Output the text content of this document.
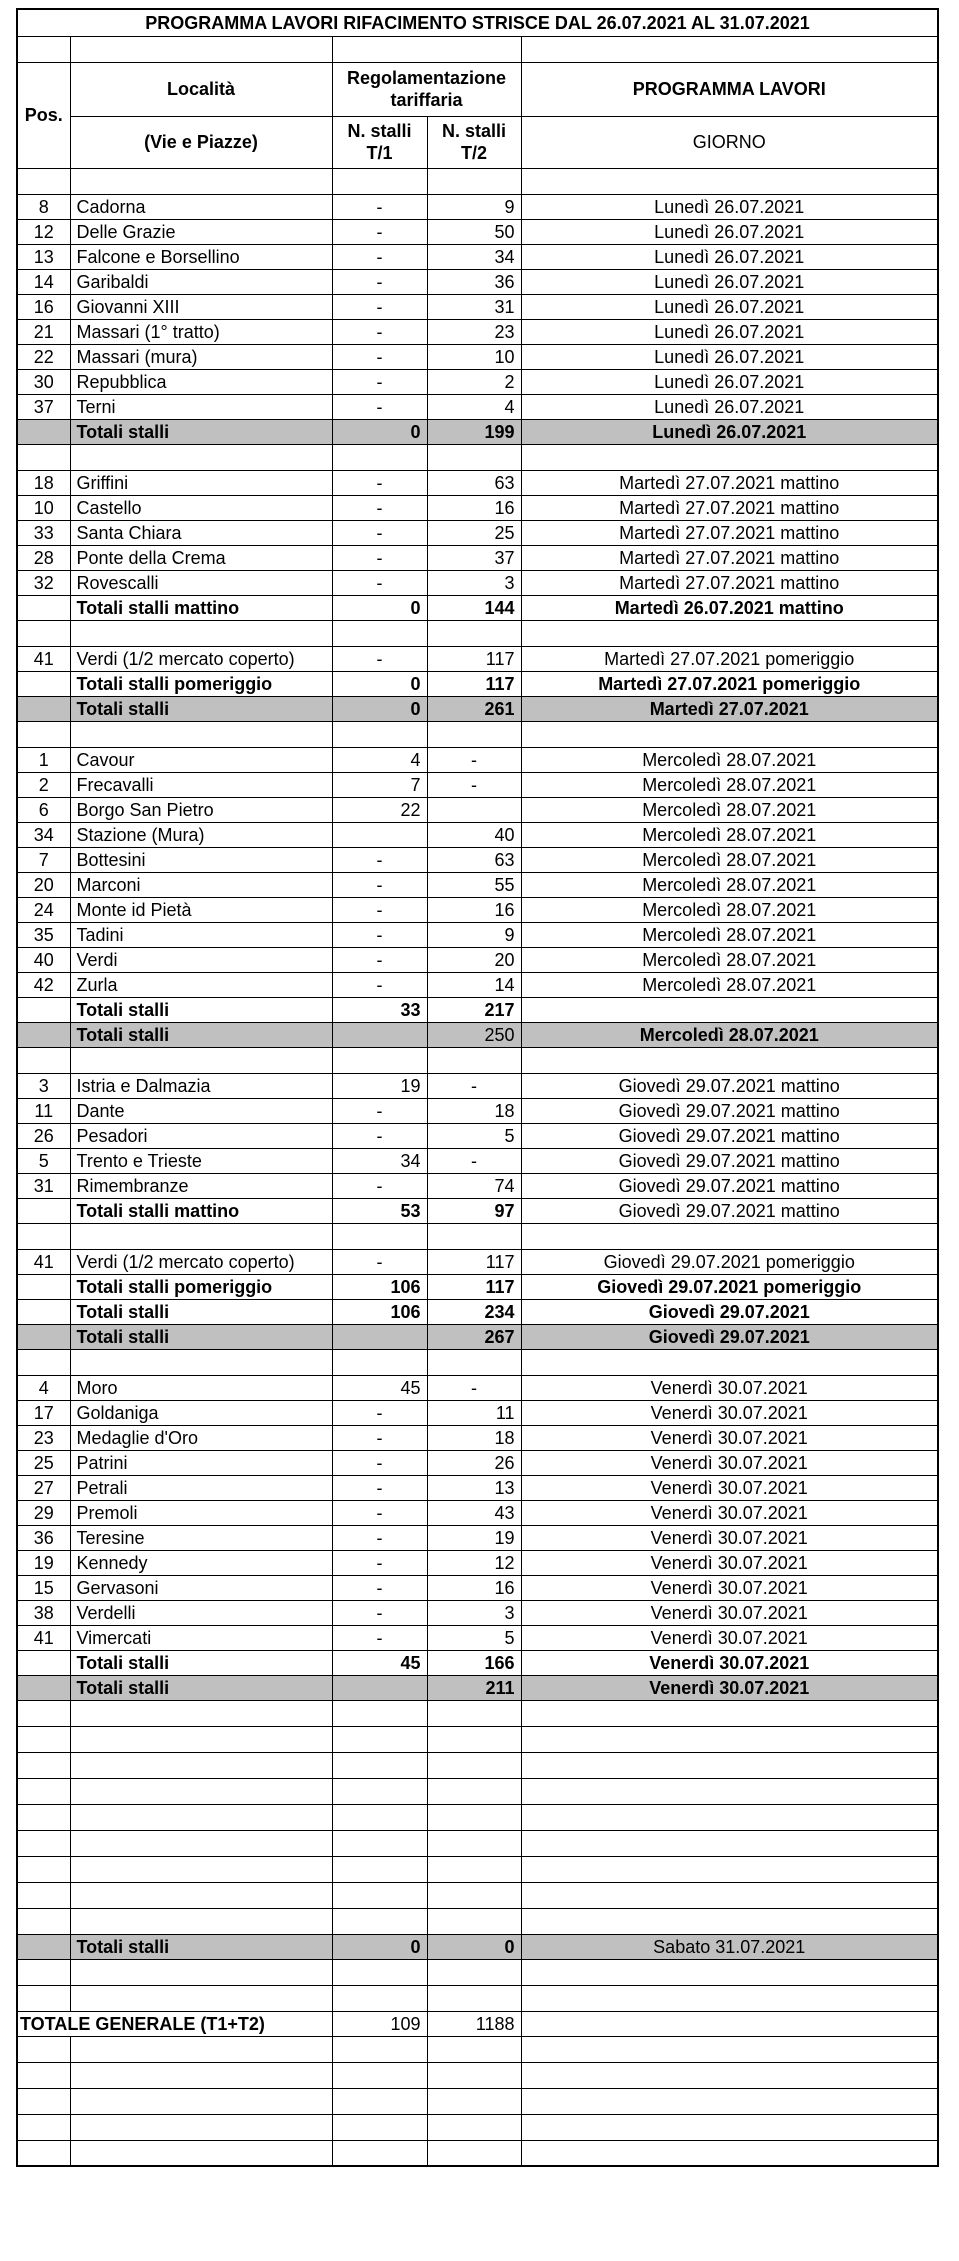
PROGRAMMA LAVORI RIFACIMENTO STRISCE DAL 26.07.2021 AL 31.07.2021				

Pos.	Località	Regolamentazione tariffaria		PROGRAMMA LAVORI
	(Vie e Piazze)	N. stalli T/1	N. stalli T/2	GIORNO

8	Cadorna	-	9	Lunedì 26.07.2021
12	Delle Grazie	-	50	Lunedì 26.07.2021
13	Falcone e Borsellino	-	34	Lunedì 26.07.2021
14	Garibaldi	-	36	Lunedì 26.07.2021
16	Giovanni XIII	-	31	Lunedì 26.07.2021
21	Massari (1° tratto)	-	23	Lunedì 26.07.2021
22	Massari (mura)	-	10	Lunedì 26.07.2021
30	Repubblica	-	2	Lunedì 26.07.2021
37	Terni	-	4	Lunedì 26.07.2021
	Totali stalli	0	199	Lunedì 26.07.2021

18	Griffini	-	63	Martedì 27.07.2021 mattino
10	Castello	-	16	Martedì 27.07.2021 mattino
33	Santa Chiara	-	25	Martedì 27.07.2021 mattino
28	Ponte della Crema	-	37	Martedì 27.07.2021 mattino
32	Rovescalli	-	3	Martedì 27.07.2021 mattino
	Totali stalli mattino	0	144	Martedì 26.07.2021 mattino

41	Verdi (1/2 mercato coperto)	-	117	Martedì 27.07.2021 pomeriggio
	Totali stalli pomeriggio	0	117	Martedì 27.07.2021 pomeriggio
	Totali stalli	0	261	Martedì 27.07.2021

1	Cavour	4	-	Mercoledì 28.07.2021
2	Frecavalli	7	-	Mercoledì 28.07.2021
6	Borgo San Pietro	22		Mercoledì 28.07.2021
34	Stazione (Mura)		40	Mercoledì 28.07.2021
7	Bottesini	-	63	Mercoledì 28.07.2021
20	Marconi	-	55	Mercoledì 28.07.2021
24	Monte id Pietà	-	16	Mercoledì 28.07.2021
35	Tadini	-	9	Mercoledì 28.07.2021
40	Verdi	-	20	Mercoledì 28.07.2021
42	Zurla	-	14	Mercoledì 28.07.2021
	Totali stalli	33	217	
	Totali stalli		250	Mercoledì 28.07.2021

3	Istria e Dalmazia	19	-	Giovedì 29.07.2021 mattino
11	Dante	-	18	Giovedì 29.07.2021 mattino
26	Pesadori	-	5	Giovedì 29.07.2021 mattino
5	Trento e Trieste	34	-	Giovedì 29.07.2021 mattino
31	Rimembranze	-	74	Giovedì 29.07.2021 mattino
	Totali stalli mattino	53	97	Giovedì 29.07.2021 mattino

41	Verdi (1/2 mercato coperto)	-	117	Giovedì 29.07.2021 pomeriggio
	Totali stalli pomeriggio	106	117	Giovedì 29.07.2021 pomeriggio
	Totali stalli	106	234	Giovedì 29.07.2021
	Totali stalli		267	Giovedì 29.07.2021

4	Moro	45	-	Venerdì 30.07.2021
17	Goldaniga	-	11	Venerdì 30.07.2021
23	Medaglie d'Oro	-	18	Venerdì 30.07.2021
25	Patrini	-	26	Venerdì 30.07.2021
27	Petrali	-	13	Venerdì 30.07.2021
29	Premoli	-	43	Venerdì 30.07.2021
36	Teresine	-	19	Venerdì 30.07.2021
19	Kennedy	-	12	Venerdì 30.07.2021
15	Gervasoni	-	16	Venerdì 30.07.2021
38	Verdelli	-	3	Venerdì 30.07.2021
41	Vimercati	-	5	Venerdì 30.07.2021
	Totali stalli	45	166	Venerdì 30.07.2021
	Totali stalli		211	Venerdì 30.07.2021

	Totali stalli	0	0	Sabato 31.07.2021

TOTALE GENERALE (T1+T2)		109	1188	
